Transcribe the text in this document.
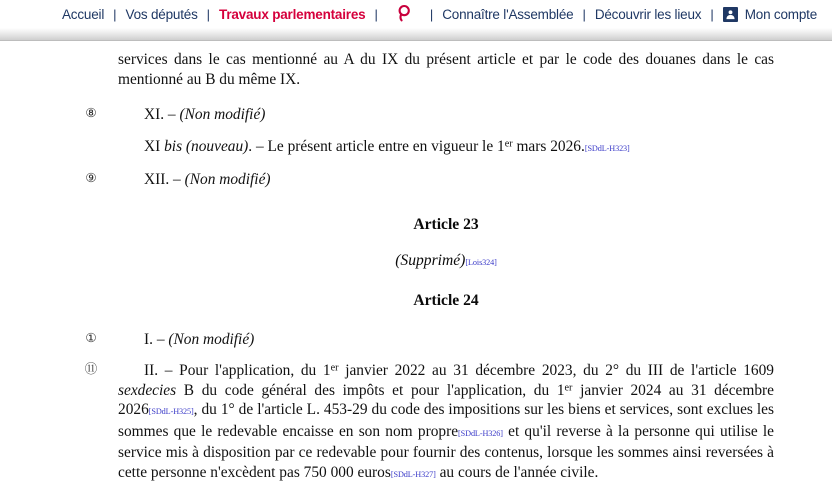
Accueil | Vos députés | Travaux parlementaires |	| Connaître l'Assemblée | Découvrir les lieux |	Mon compte

services dans le cas mentionné au A du IX du présent article et par le code des douanes dans le cas mentionné au B du même IX.

⑧	XI. – (Non modifié)

XI bis (nouveau). – Le présent article entre en vigueur le 1er mars 2026.[SDdL-H323]

⑨	XII. – (Non modifié)

Article 23

(Supprimé)[Lois324]

Article 24

①	I. – (Non modifié)

⑪	II. – Pour l'application, du 1er janvier 2022 au 31 décembre 2023, du 2° du III de l'article 1609 sexdecies B du code général des impôts et pour l'application, du 1er janvier 2024 au 31 décembre 2026[SDdL-H325], du 1° de l'article L. 453-29 du code des impositions sur les biens et services, sont exclues les sommes que le redevable encaisse en son nom propre[SDdL-H326] et qu'il reverse à la personne qui utilise le service mis à disposition par ce redevable pour fournir des contenus, lorsque les sommes ainsi reversées à cette personne n'excèdent pas 750 000 euros[SDdL-H327] au cours de l'année civile.
